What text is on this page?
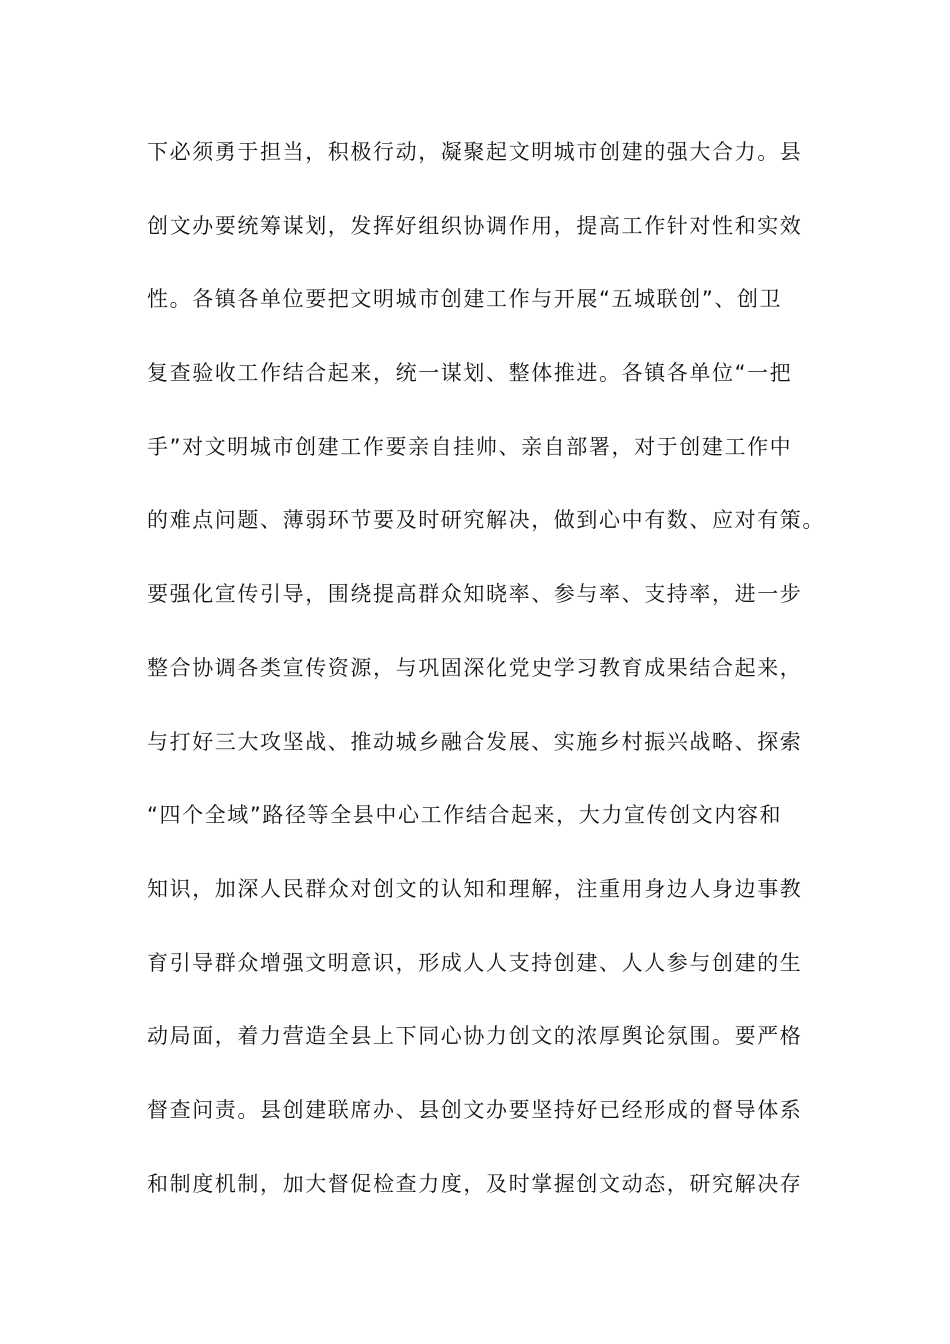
下必须勇于担当，积极行动，凝聚起文明城市创建的强大合力。县
创文办要统筹谋划，发挥好组织协调作用，提高工作针对性和实效
性。各镇各单位要把文明城市创建工作与开展“五城联创”、创卫
复查验收工作结合起来，统一谋划、整体推进。各镇各单位“一把
手”对文明城市创建工作要亲自挂帅、亲自部署，对于创建工作中
的难点问题、薄弱环节要及时研究解决，做到心中有数、应对有策。
要强化宣传引导，围绕提高群众知晓率、参与率、支持率，进一步
整合协调各类宣传资源，与巩固深化党史学习教育成果结合起来，
与打好三大攻坚战、推动城乡融合发展、实施乡村振兴战略、探索
“四个全域”路径等全县中心工作结合起来，大力宣传创文内容和
知识，加深人民群众对创文的认知和理解，注重用身边人身边事教
育引导群众增强文明意识，形成人人支持创建、人人参与创建的生
动局面，着力营造全县上下同心协力创文的浓厚舆论氛围。要严格
督查问责。县创建联席办、县创文办要坚持好已经形成的督导体系
和制度机制，加大督促检查力度，及时掌握创文动态，研究解决存
